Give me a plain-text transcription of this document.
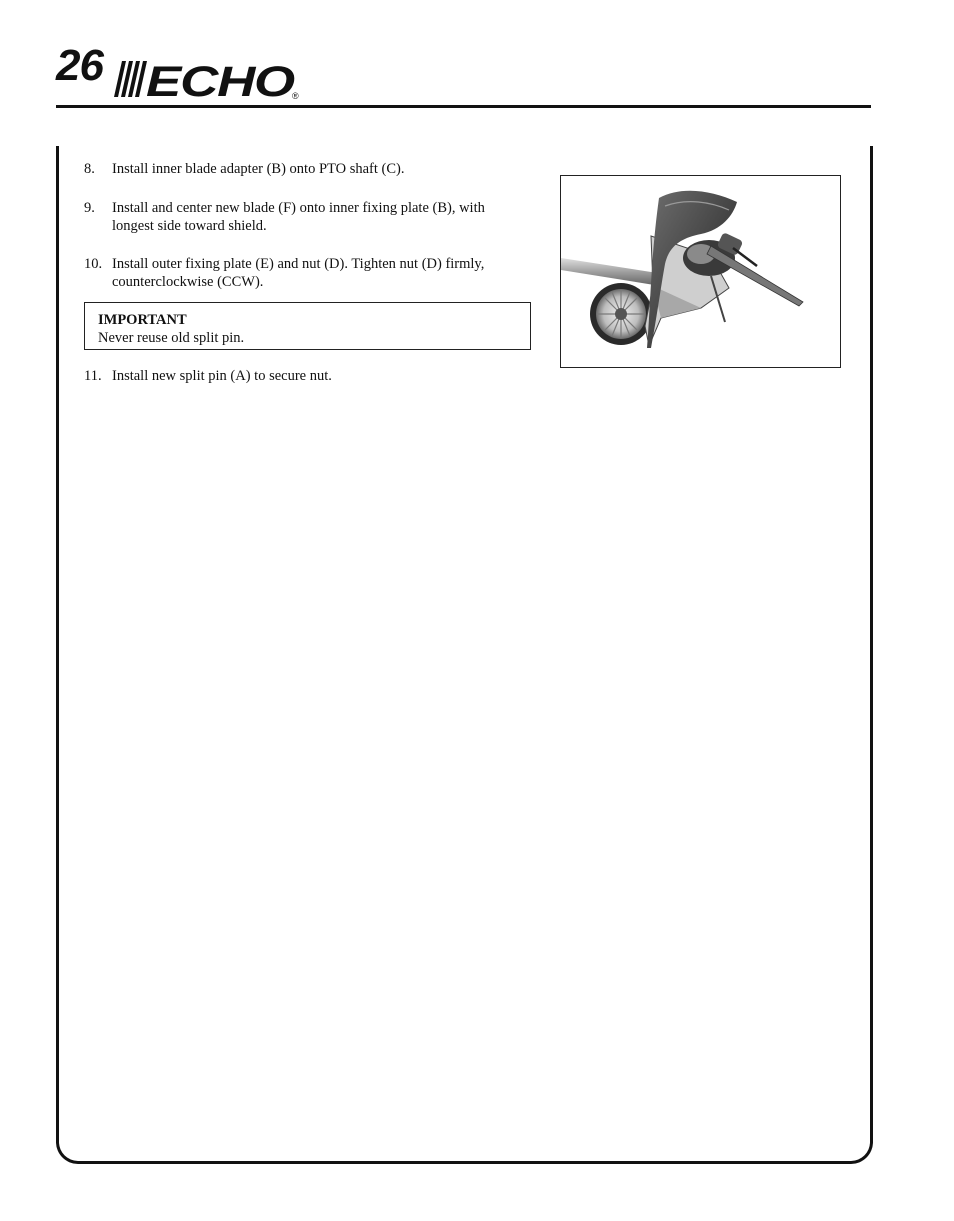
26 ECHO
®
8.	Install inner blade adapter (B) onto PTO shaft (C).
9.	Install and center new blade (F) onto inner fixing plate (B), with
longest side toward shield.
10. Install outer fixing plate (E) and nut (D). Tighten nut (D) firmly,
counterclockwise (CCW).
11. Install new split pin (A) to secure nut.
IMPORTANT
Never reuse old split pin.
